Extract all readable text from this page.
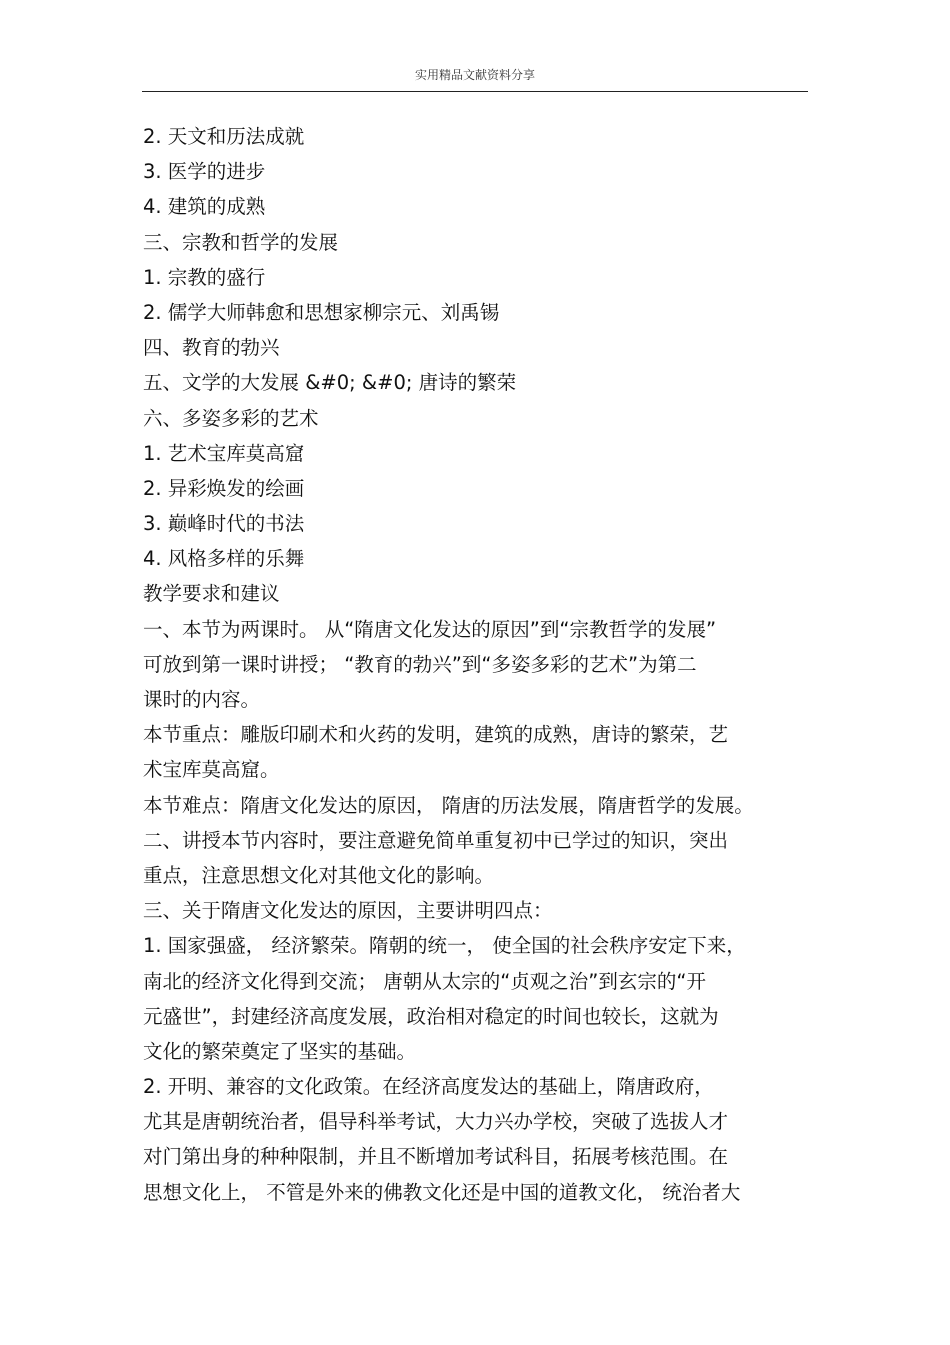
实用精品文献资料分享
2. 天文和历法成就
3. 医学的进步
4. 建筑的成熟
三、宗教和哲学的发展
1. 宗教的盛行
2. 儒学大师韩愈和思想家柳宗元、刘禹锡
四、教育的勃兴
五、文学的大发展 &#0; &#0; 唐诗的繁荣
六、多姿多彩的艺术
1. 艺术宝库莫高窟
2. 异彩焕发的绘画
3. 巅峰时代的书法
4. 风格多样的乐舞
教学要求和建议
一、本节为两课时。 从“隋唐文化发达的原因”到“宗教哲学的发展”
可放到第一课时讲授； “教育的勃兴”到“多姿多彩的艺术”为第二
课时的内容。
本节重点：雕版印刷术和火药的发明，建筑的成熟，唐诗的繁荣，艺
术宝库莫高窟。
本节难点：隋唐文化发达的原因， 隋唐的历法发展，隋唐哲学的发展。
二、讲授本节内容时，要注意避免简单重复初中已学过的知识，突出
重点，注意思想文化对其他文化的影响。
三、关于隋唐文化发达的原因，主要讲明四点：
1. 国家强盛， 经济繁荣。隋朝的统一， 使全国的社会秩序安定下来，
南北的经济文化得到交流； 唐朝从太宗的“贞观之治”到玄宗的“开
元盛世”，封建经济高度发展，政治相对稳定的时间也较长，这就为
文化的繁荣奠定了坚实的基础。
2. 开明、兼容的文化政策。在经济高度发达的基础上，隋唐政府，
尤其是唐朝统治者，倡导科举考试，大力兴办学校，突破了选拔人才
对门第出身的种种限制，并且不断增加考试科目，拓展考核范围。在
思想文化上， 不管是外来的佛教文化还是中国的道教文化， 统治者大
